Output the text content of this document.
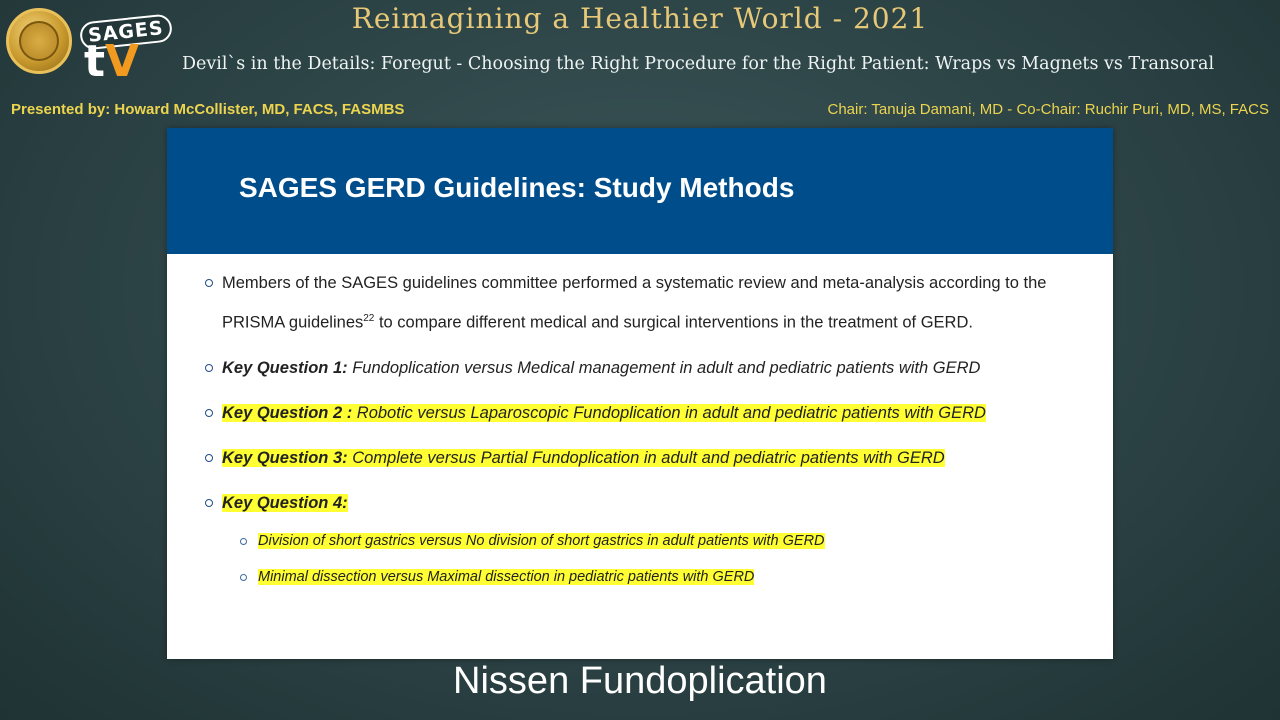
SAGES
tV
Reimagining a Healthier World - 2021
Devil`s in the Details: Foregut - Choosing the Right Procedure for the Right Patient: Wraps vs Magnets vs Transoral
Presented by: Howard McCollister, MD, FACS, FASMBS	Chair: Tanuja Damani, MD - Co-Chair: Ruchir Puri, MD, MS, FACS
SAGES GERD Guidelines: Study Methods
Members of the SAGES guidelines committee performed a systematic review and meta-analysis according to the PRISMA guidelines$^{22}$ to compare different medical and surgical interventions in the treatment of GERD.
Key Question 1: Fundoplication versus Medical management in adult and pediatric patients with GERD
Key Question 2 : Robotic versus Laparoscopic Fundoplication in adult and pediatric patients with GERD
Key Question 3: Complete versus Partial Fundoplication in adult and pediatric patients with GERD
Key Question 4:
Division of short gastrics versus No division of short gastrics in adult patients with GERD
Minimal dissection versus Maximal dissection in pediatric patients with GERD
Nissen Fundoplication
